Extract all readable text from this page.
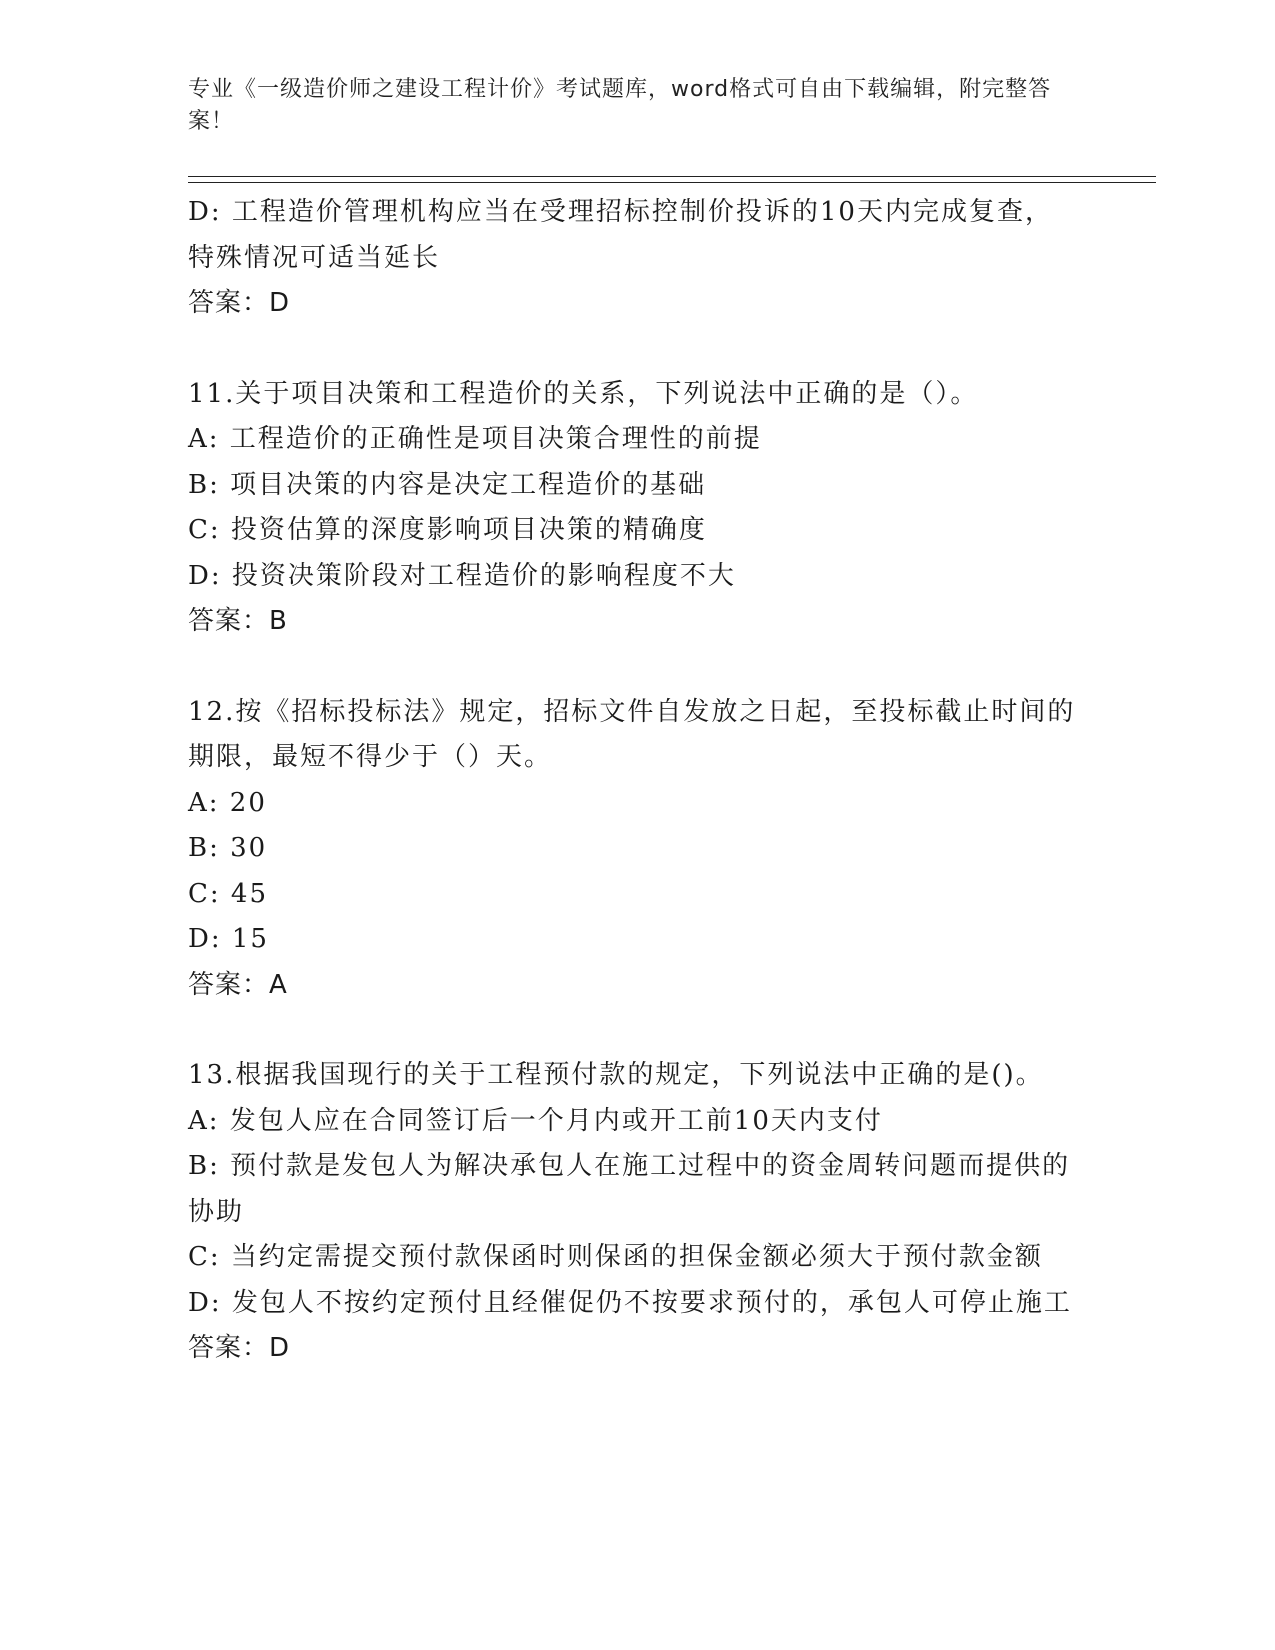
专业《一级造价师之建设工程计价》考试题库，word格式可自由下载编辑，附完整答案！
D: 工程造价管理机构应当在受理招标控制价投诉的10天内完成复查，特殊情况可适当延长
答案：D
11.关于项目决策和工程造价的关系，下列说法中正确的是（）。
A: 工程造价的正确性是项目决策合理性的前提
B: 项目决策的内容是决定工程造价的基础
C: 投资估算的深度影响项目决策的精确度
D: 投资决策阶段对工程造价的影响程度不大
答案：B
12.按《招标投标法》规定，招标文件自发放之日起，至投标截止时间的期限，最短不得少于（）天。
A: 20
B: 30
C: 45
D: 15
答案：A
13.根据我国现行的关于工程预付款的规定，下列说法中正确的是()。
A: 发包人应在合同签订后一个月内或开工前10天内支付
B: 预付款是发包人为解决承包人在施工过程中的资金周转问题而提供的协助
C: 当约定需提交预付款保函时则保函的担保金额必须大于预付款金额
D: 发包人不按约定预付且经催促仍不按要求预付的，承包人可停止施工
答案：D
